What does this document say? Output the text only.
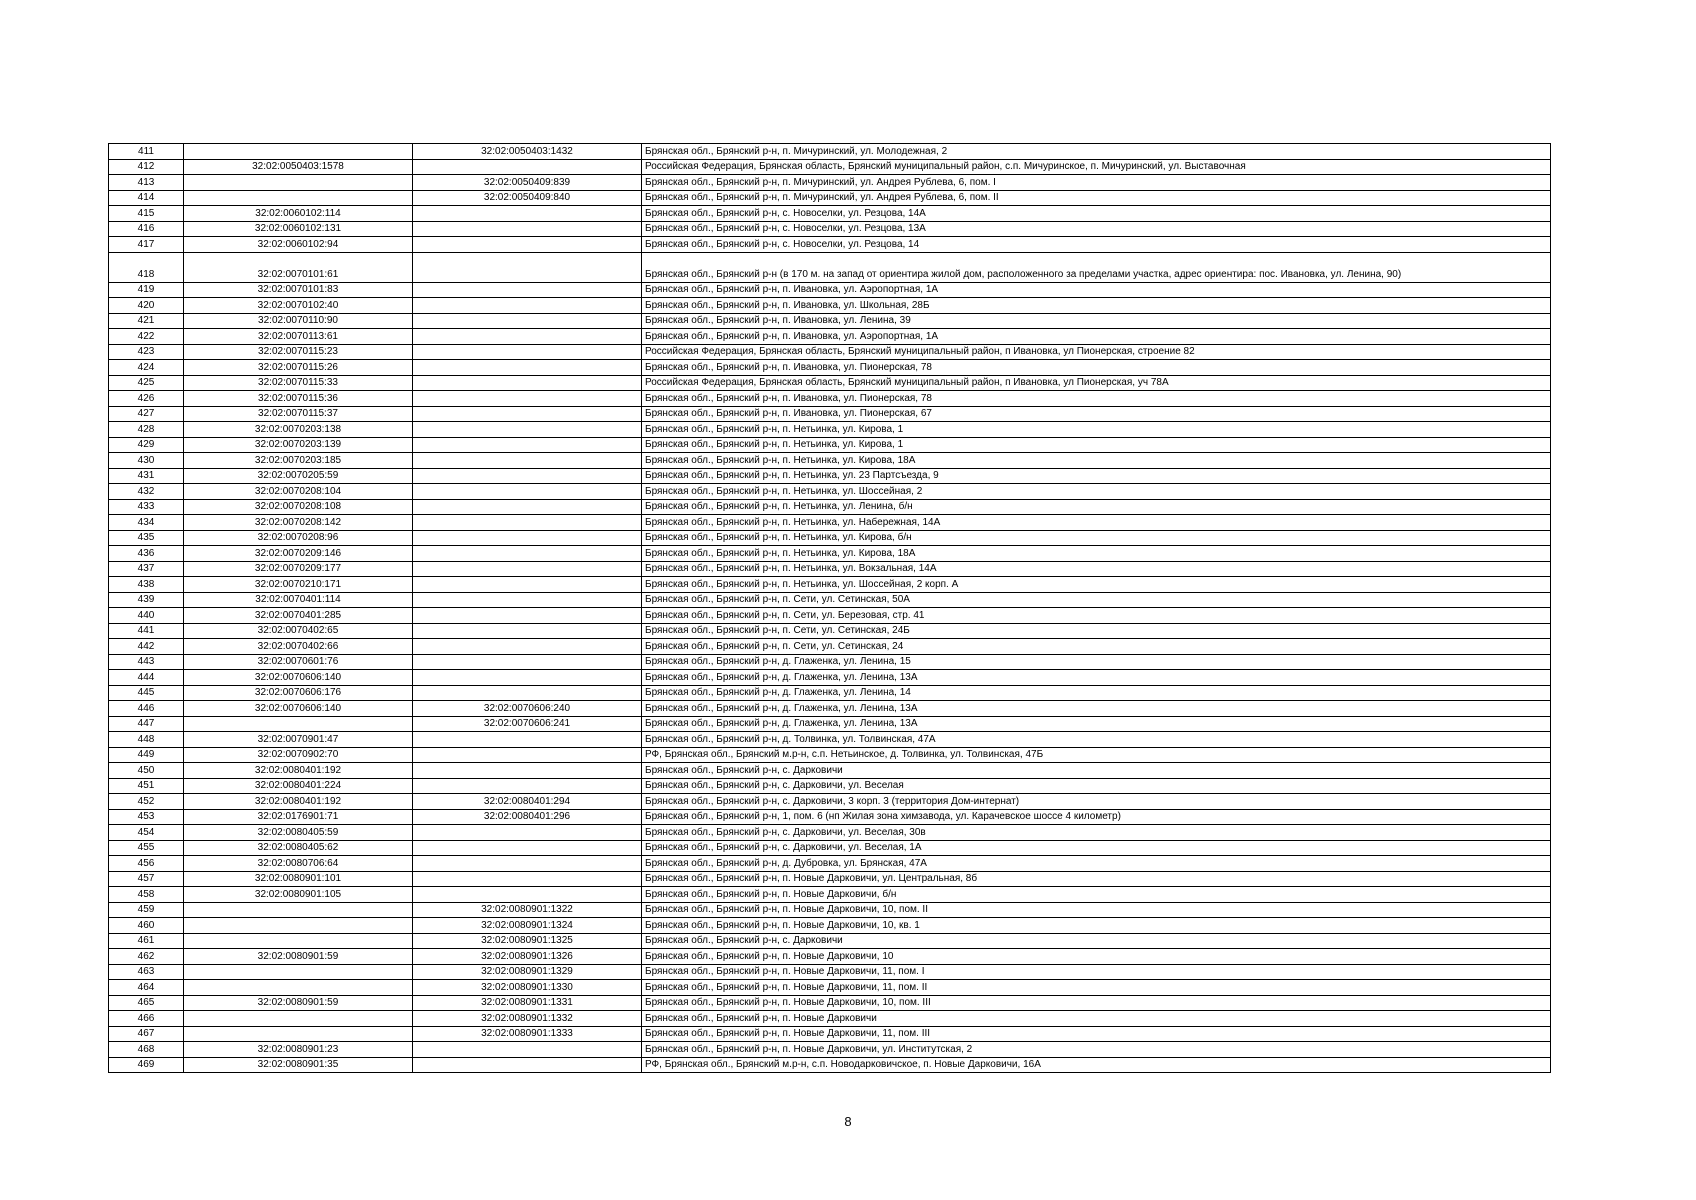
411		32:02:0050403:1432	Брянская обл., Брянский р-н, п. Мичуринский, ул. Молодежная, 2
412	32:02:0050403:1578		Российская Федерация, Брянская область, Брянский муниципальный район, с.п. Мичуринское, п. Мичуринский, ул. Выставочная
413		32:02:0050409:839	Брянская обл., Брянский р-н, п. Мичуринский, ул. Андрея Рублева, 6, пом. I
414		32:02:0050409:840	Брянская обл., Брянский р-н, п. Мичуринский, ул. Андрея Рублева, 6, пом. II
415	32:02:0060102:114		Брянская обл., Брянский р-н, с. Новоселки, ул. Резцова, 14А
416	32:02:0060102:131		Брянская обл., Брянский р-н, с. Новоселки, ул. Резцова, 13А
417	32:02:0060102:94		Брянская обл., Брянский р-н, с. Новоселки, ул. Резцова, 14
418	32:02:0070101:61		Брянская обл., Брянский р-н (в 170 м. на запад от ориентира жилой дом, расположенного за пределами участка, адрес ориентира: пос. Ивановка, ул. Ленина, 90)
419	32:02:0070101:83		Брянская обл., Брянский р-н, п. Ивановка, ул. Аэропортная, 1А
420	32:02:0070102:40		Брянская обл., Брянский р-н, п. Ивановка, ул. Школьная, 28Б
421	32:02:0070110:90		Брянская обл., Брянский р-н, п. Ивановка, ул. Ленина, 39
422	32:02:0070113:61		Брянская обл., Брянский р-н, п. Ивановка, ул. Аэропортная, 1А
423	32:02:0070115:23		Российская Федерация, Брянская область, Брянский муниципальный район, п Ивановка, ул Пионерская, строение 82
424	32:02:0070115:26		Брянская обл., Брянский р-н, п. Ивановка, ул. Пионерская, 78
425	32:02:0070115:33		Российская Федерация, Брянская область, Брянский муниципальный район, п Ивановка, ул Пионерская, уч 78А
426	32:02:0070115:36		Брянская обл., Брянский р-н, п. Ивановка, ул. Пионерская, 78
427	32:02:0070115:37		Брянская обл., Брянский р-н, п. Ивановка, ул. Пионерская, 67
428	32:02:0070203:138		Брянская обл., Брянский р-н, п. Нетьинка, ул. Кирова, 1
429	32:02:0070203:139		Брянская обл., Брянский р-н, п. Нетьинка, ул. Кирова, 1
430	32:02:0070203:185		Брянская обл., Брянский р-н, п. Нетьинка, ул. Кирова, 18А
431	32:02:0070205:59		Брянская обл., Брянский р-н, п. Нетьинка, ул. 23 Партсъезда, 9
432	32:02:0070208:104		Брянская обл., Брянский р-н, п. Нетьинка, ул. Шоссейная, 2
433	32:02:0070208:108		Брянская обл., Брянский р-н, п. Нетьинка, ул. Ленина, б/н
434	32:02:0070208:142		Брянская обл., Брянский р-н, п. Нетьинка, ул. Набережная, 14А
435	32:02:0070208:96		Брянская обл., Брянский р-н, п. Нетьинка, ул. Кирова, б/н
436	32:02:0070209:146		Брянская обл., Брянский р-н, п. Нетьинка, ул. Кирова, 18А
437	32:02:0070209:177		Брянская обл., Брянский р-н, п. Нетьинка, ул. Вокзальная, 14А
438	32:02:0070210:171		Брянская обл., Брянский р-н, п. Нетьинка, ул. Шоссейная, 2 корп. А
439	32:02:0070401:114		Брянская обл., Брянский р-н, п. Сети, ул. Сетинская, 50А
440	32:02:0070401:285		Брянская обл., Брянский р-н, п. Сети, ул. Березовая, стр. 41
441	32:02:0070402:65		Брянская обл., Брянский р-н, п. Сети, ул. Сетинская, 24Б
442	32:02:0070402:66		Брянская обл., Брянский р-н, п. Сети, ул. Сетинская, 24
443	32:02:0070601:76		Брянская обл., Брянский р-н, д. Глаженка, ул. Ленина, 15
444	32:02:0070606:140		Брянская обл., Брянский р-н, д. Глаженка, ул. Ленина, 13А
445	32:02:0070606:176		Брянская обл., Брянский р-н, д. Глаженка, ул. Ленина, 14
446	32:02:0070606:140	32:02:0070606:240	Брянская обл., Брянский р-н, д. Глаженка, ул. Ленина, 13А
447		32:02:0070606:241	Брянская обл., Брянский р-н, д. Глаженка, ул. Ленина, 13А
448	32:02:0070901:47		Брянская обл., Брянский р-н, д. Толвинка, ул. Толвинская, 47А
449	32:02:0070902:70		РФ, Брянская обл., Брянский м.р-н, с.п. Нетьинское, д. Толвинка, ул. Толвинская, 47Б
450	32:02:0080401:192		Брянская обл., Брянский р-н, с. Дарковичи
451	32:02:0080401:224		Брянская обл., Брянский р-н, с. Дарковичи, ул. Веселая
452	32:02:0080401:192	32:02:0080401:294	Брянская обл., Брянский р-н, с. Дарковичи, 3 корп. 3 (территория Дом-интернат)
453	32:02:0176901:71	32:02:0080401:296	Брянская обл., Брянский р-н, 1, пом. 6 (нп Жилая зона химзавода, ул. Карачевское шоссе 4 километр)
454	32:02:0080405:59		Брянская обл., Брянский р-н, с. Дарковичи, ул. Веселая, 30в
455	32:02:0080405:62		Брянская обл., Брянский р-н, с. Дарковичи, ул. Веселая, 1А
456	32:02:0080706:64		Брянская обл., Брянский р-н, д. Дубровка, ул. Брянская, 47А
457	32:02:0080901:101		Брянская обл., Брянский р-н, п. Новые Дарковичи, ул. Центральная, 8б
458	32:02:0080901:105		Брянская обл., Брянский р-н, п. Новые Дарковичи, б/н
459		32:02:0080901:1322	Брянская обл., Брянский р-н, п. Новые Дарковичи, 10, пом. II
460		32:02:0080901:1324	Брянская обл., Брянский р-н, п. Новые Дарковичи, 10, кв. 1
461		32:02:0080901:1325	Брянская обл., Брянский р-н, с. Дарковичи
462	32:02:0080901:59	32:02:0080901:1326	Брянская обл., Брянский р-н, п. Новые Дарковичи, 10
463		32:02:0080901:1329	Брянская обл., Брянский р-н, п. Новые Дарковичи, 11, пом. I
464		32:02:0080901:1330	Брянская обл., Брянский р-н, п. Новые Дарковичи, 11, пом. II
465	32:02:0080901:59	32:02:0080901:1331	Брянская обл., Брянский р-н, п. Новые Дарковичи, 10, пом. III
466		32:02:0080901:1332	Брянская обл., Брянский р-н, п. Новые Дарковичи
467		32:02:0080901:1333	Брянская обл., Брянский р-н, п. Новые Дарковичи, 11, пом. III
468	32:02:0080901:23		Брянская обл., Брянский р-н, п. Новые Дарковичи, ул. Институтская, 2
469	32:02:0080901:35		РФ, Брянская обл., Брянский м.р-н, с.п. Новодарковичское, п. Новые Дарковичи, 16А
8
